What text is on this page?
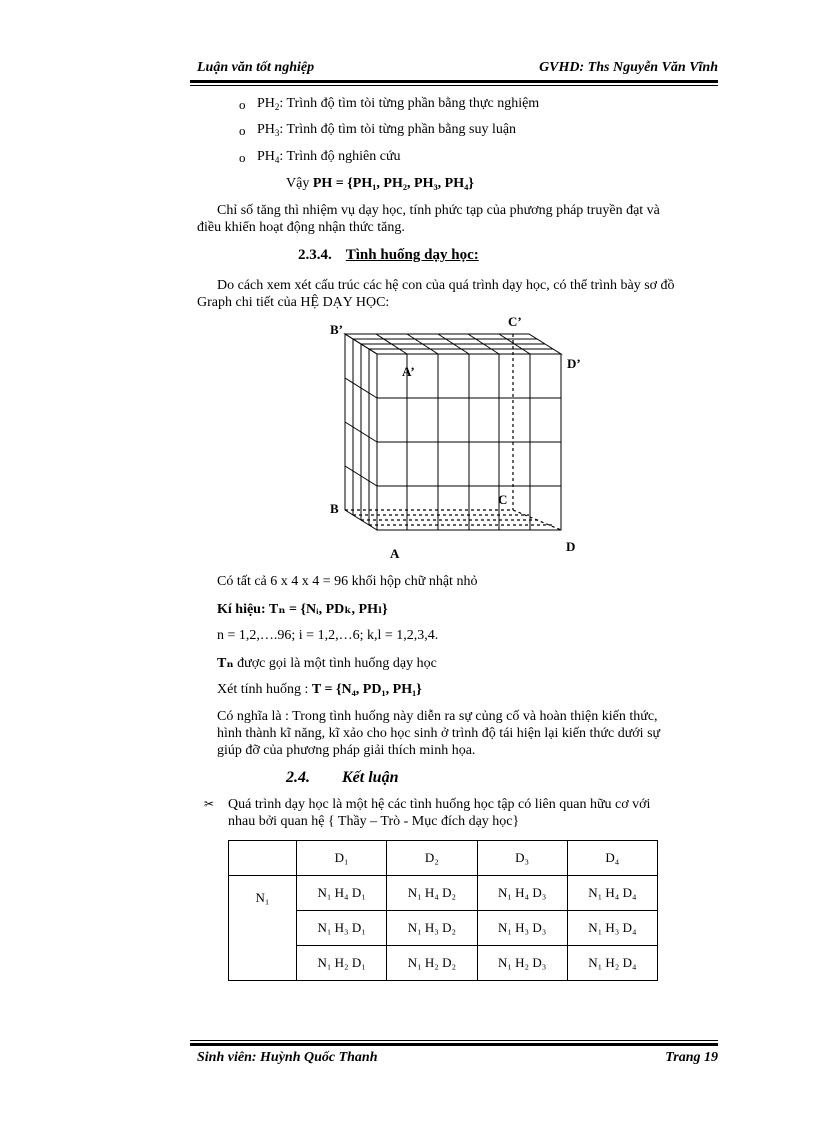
Luận văn tốt nghiệp	GVHD: Ths Nguyễn Văn Vĩnh
o $PH_2$: Trình độ tìm tòi từng phần bằng thực nghiệm
o $PH_3$: Trình độ tìm tòi từng phần bằng suy luận
o $PH_4$: Trình độ nghiên cứu
Vậy PH = {PH₁, PH₂, PH₃, PH₄}
Chỉ số tăng thì nhiệm vụ dạy học, tính phức tạp của phương pháp truyền đạt và
điều khiển hoạt động nhận thức tăng.
2.3.4. Tình huống dạy học:
Do cách xem xét cấu trúc các hệ con của quá trình dạy học, có thể trình bày sơ đồ
Graph chi tiết của HỆ DẠY HỌC:
B’
C’
D’
A’
B
C
A	D
Có tất cả 6 x 4 x 4 = 96 khối hộp chữ nhật nhỏ
Kí hiệu: Tₙ = {Nᵢ, PDₖ, PHₗ}
n = 1,2,….96; i = 1,2,…6; k,l = 1,2,3,4.
Tₙ được gọi là một tình huống dạy học
Xét tính huống : T = {N₄, PD₁, PH₁}
Có nghĩa là : Trong tình huống này diễn ra sự củng cố và hoàn thiện kiến thức,
hình thành kĩ năng, kĩ xảo cho học sinh ở trình độ tái hiện lại kiến thức dưới sự
giúp đỡ của phương pháp giải thích minh họa.
2.4. Kết luận
✂ Quá trình dạy học là một hệ các tình huống học tập có liên quan hữu cơ với
nhau bởi quan hệ { Thầy – Trò - Mục đích dạy học}
	D₁	D₂	D₃	D₄
N₁	N₁ H₄ D₁	N₁ H₄ D₂	N₁ H₄ D₃	N₁ H₄ D₄
	N₁ H₃ D₁	N₁ H₃ D₂	N₁ H₃ D₃	N₁ H₃ D₄
	N₁ H₂ D₁	N₁ H₂ D₂	N₁ H₂ D₃	N₁ H₂ D₄
Sinh viên: Huỳnh Quốc Thanh	Trang 19
